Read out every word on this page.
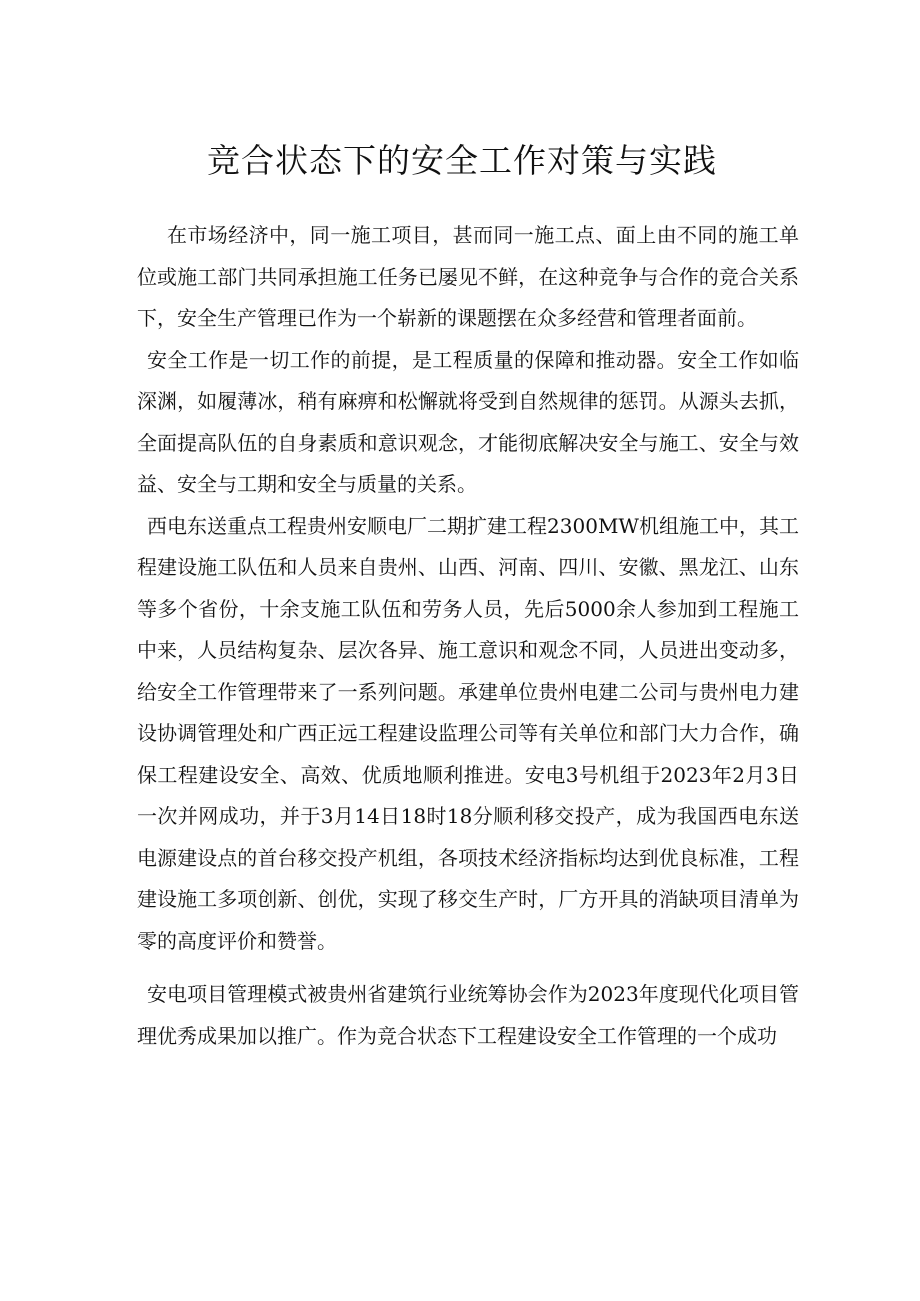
竞合状态下的安全工作对策与实践

在市场经济中，同一施工项目，甚而同一施工点、面上由不同的施工单位或施工部门共同承担施工任务已屡见不鲜，在这种竞争与合作的竞合关系下，安全生产管理已作为一个崭新的课题摆在众多经营和管理者面前。

安全工作是一切工作的前提，是工程质量的保障和推动器。安全工作如临深渊，如履薄冰，稍有麻痹和松懈就将受到自然规律的惩罚。从源头去抓，全面提高队伍的自身素质和意识观念，才能彻底解决安全与施工、安全与效益、安全与工期和安全与质量的关系。

西电东送重点工程贵州安顺电厂二期扩建工程2300MW机组施工中，其工程建设施工队伍和人员来自贵州、山西、河南、四川、安徽、黑龙江、山东等多个省份，十余支施工队伍和劳务人员，先后5000余人参加到工程施工中来，人员结构复杂、层次各异、施工意识和观念不同，人员进出变动多，给安全工作管理带来了一系列问题。承建单位贵州电建二公司与贵州电力建设协调管理处和广西正远工程建设监理公司等有关单位和部门大力合作，确保工程建设安全、高效、优质地顺利推进。安电3号机组于2023年2月3日一次并网成功，并于3月14日18时18分顺利移交投产，成为我国西电东送电源建设点的首台移交投产机组，各项技术经济指标均达到优良标准，工程建设施工多项创新、创优，实现了移交生产时，厂方开具的消缺项目清单为零的高度评价和赞誉。

安电项目管理模式被贵州省建筑行业统筹协会作为2023年度现代化项目管理优秀成果加以推广。作为竞合状态下工程建设安全工作管理的一个成功
